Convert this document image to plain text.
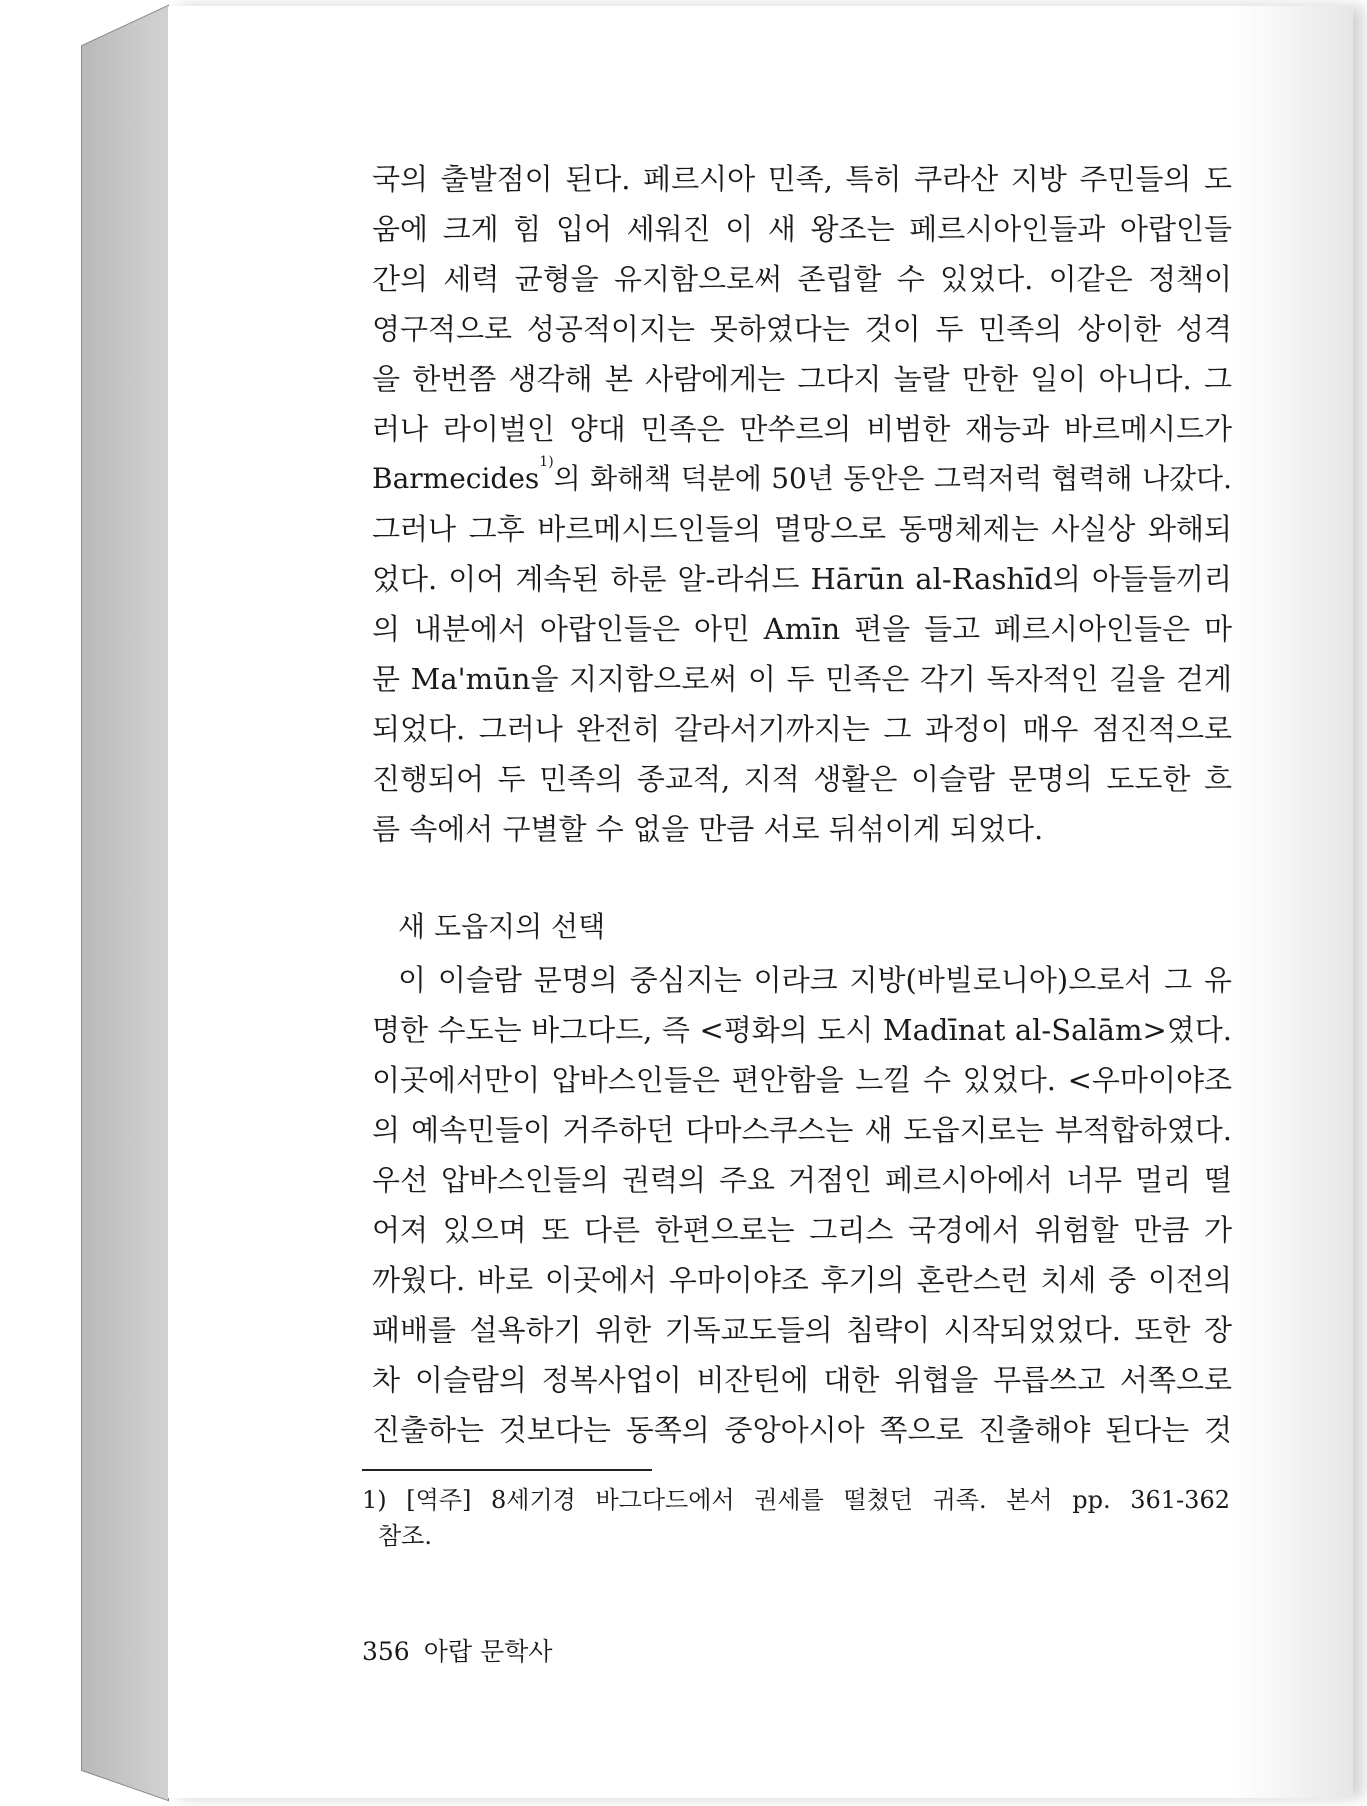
국의 출발점이 된다. 페르시아 민족, 특히 쿠라산 지방 주민들의 도
움에 크게 힘 입어 세워진 이 새 왕조는 페르시아인들과 아랍인들
간의 세력 균형을 유지함으로써 존립할 수 있었다. 이같은 정책이
영구적으로 성공적이지는 못하였다는 것이 두 민족의 상이한 성격
을 한번쯤 생각해 본 사람에게는 그다지 놀랄 만한 일이 아니다. 그
러나 라이벌인 양대 민족은 만쑤르의 비범한 재능과 바르메시드가
Barmecides$^{1)}$의 화해책 덕분에 50년 동안은 그럭저럭 협력해 나갔다.
그러나 그후 바르메시드인들의 멸망으로 동맹체제는 사실상 와해되
었다. 이어 계속된 하룬 알-라쉬드 Hārūn al-Rashīd의 아들들끼리
의 내분에서 아랍인들은 아민 Amīn 편을 들고 페르시아인들은 마
문 Ma'mūn을 지지함으로써 이 두 민족은 각기 독자적인 길을 걷게
되었다. 그러나 완전히 갈라서기까지는 그 과정이 매우 점진적으로
진행되어 두 민족의 종교적, 지적 생활은 이슬람 문명의 도도한 흐
름 속에서 구별할 수 없을 만큼 서로 뒤섞이게 되었다.
새 도읍지의 선택
이 이슬람 문명의 중심지는 이라크 지방(바빌로니아)으로서 그 유
명한 수도는 바그다드, 즉 <평화의 도시 Madīnat al-Salām>였다.
이곳에서만이 압바스인들은 편안함을 느낄 수 있었다. <우마이야조
의 예속민들이 거주하던 다마스쿠스는 새 도읍지로는 부적합하였다.
우선 압바스인들의 권력의 주요 거점인 페르시아에서 너무 멀리 떨
어져 있으며 또 다른 한편으로는 그리스 국경에서 위험할 만큼 가
까웠다. 바로 이곳에서 우마이야조 후기의 혼란스런 치세 중 이전의
패배를 설욕하기 위한 기독교도들의 침략이 시작되었었다. 또한 장
차 이슬람의 정복사업이 비잔틴에 대한 위협을 무릅쓰고 서쪽으로
진출하는 것보다는 동쪽의 중앙아시아 쪽으로 진출해야 된다는 것
1) [역주] 8세기경 바그다드에서 권세를 떨쳤던 귀족. 본서 pp. 361-362
참조.
356 아랍 문학사
